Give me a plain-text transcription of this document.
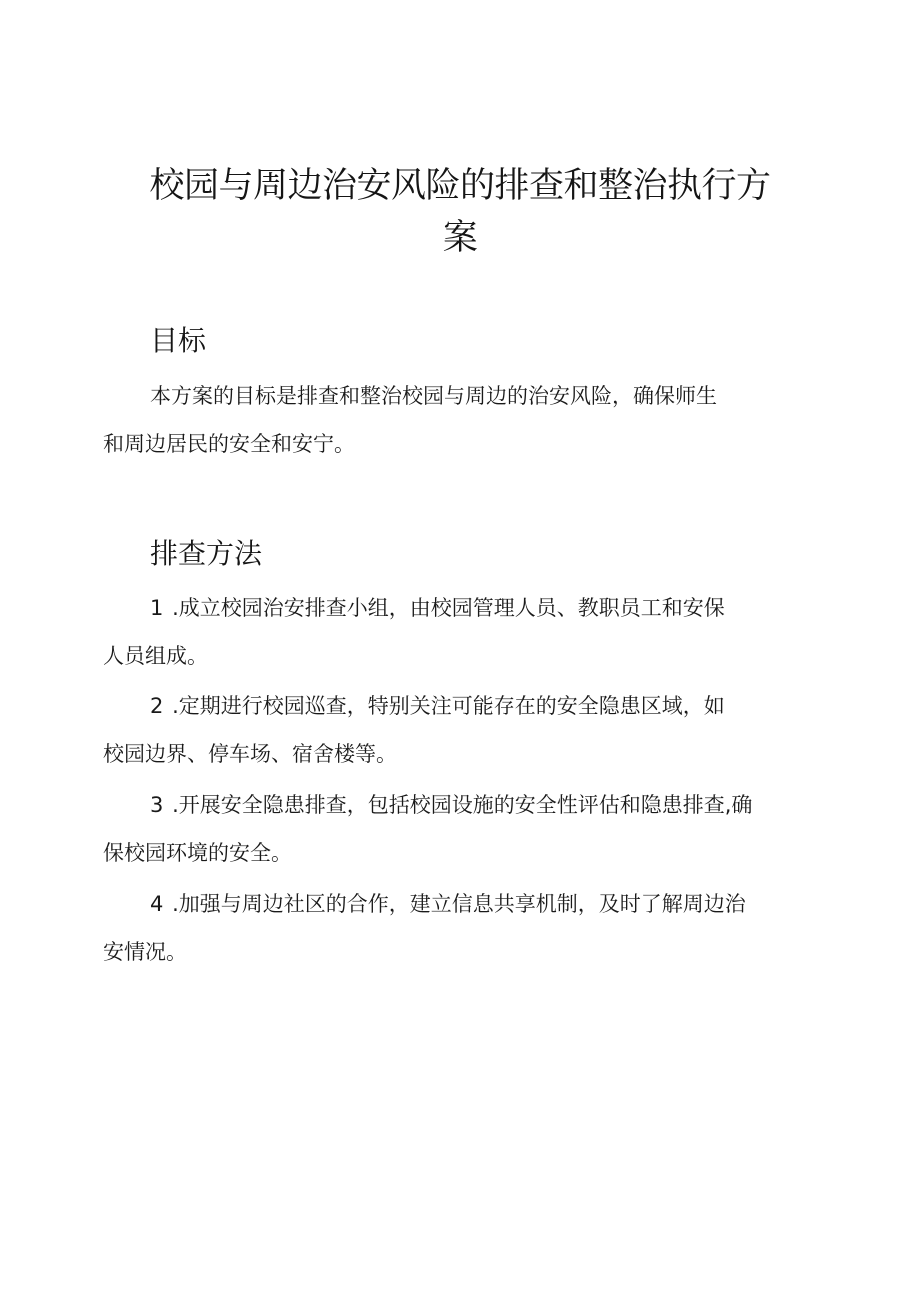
校园与周边治安风险的排查和整治执行方
案
目标
本方案的目标是排查和整治校园与周边的治安风险，确保师生
和周边居民的安全和安宁。
排查方法
1 .成立校园治安排查小组，由校园管理人员、教职员工和安保
人员组成。
2 .定期进行校园巡查，特别关注可能存在的安全隐患区域，如
校园边界、停车场、宿舍楼等。
3 .开展安全隐患排查，包括校园设施的安全性评估和隐患排查,确
保校园环境的安全。
4 .加强与周边社区的合作，建立信息共享机制，及时了解周边治
安情况。
